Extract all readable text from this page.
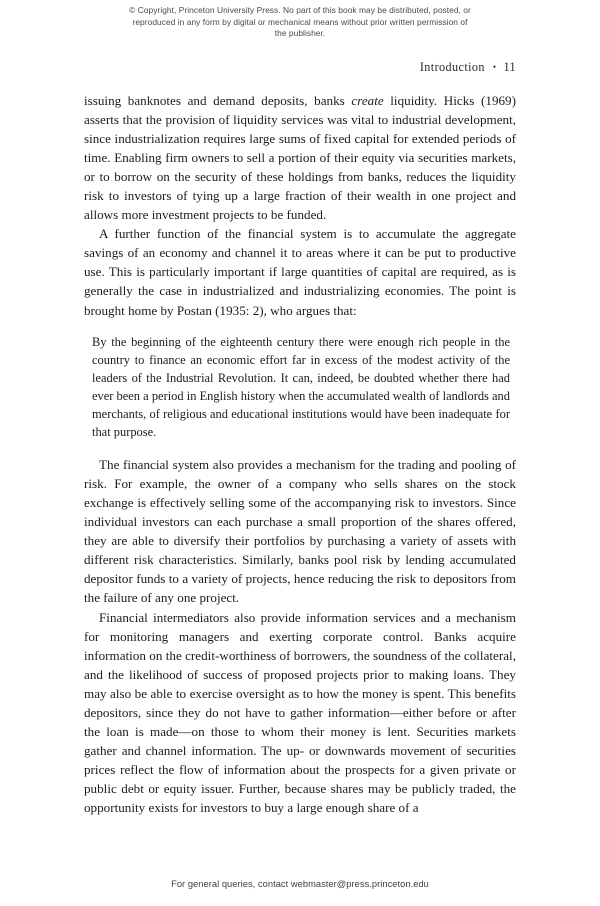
© Copyright, Princeton University Press. No part of this book may be distributed, posted, or reproduced in any form by digital or mechanical means without prior written permission of the publisher.
Introduction • 11

issuing banknotes and demand deposits, banks create liquidity. Hicks (1969) asserts that the provision of liquidity services was vital to industrial development, since industrialization requires large sums of fixed capital for extended periods of time. Enabling firm owners to sell a portion of their equity via securities markets, or to borrow on the security of these holdings from banks, reduces the liquidity risk to investors of tying up a large fraction of their wealth in one project and allows more investment projects to be funded.

A further function of the financial system is to accumulate the aggregate savings of an economy and channel it to areas where it can be put to productive use. This is particularly important if large quantities of capital are required, as is generally the case in industrialized and industrializing economies. The point is brought home by Postan (1935: 2), who argues that:

By the beginning of the eighteenth century there were enough rich people in the country to finance an economic effort far in excess of the modest activity of the leaders of the Industrial Revolution. It can, indeed, be doubted whether there had ever been a period in English history when the accumulated wealth of landlords and merchants, of religious and educational institutions would have been inadequate for that purpose.

The financial system also provides a mechanism for the trading and pooling of risk. For example, the owner of a company who sells shares on the stock exchange is effectively selling some of the accompanying risk to investors. Since individual investors can each purchase a small proportion of the shares offered, they are able to diversify their portfolios by purchasing a variety of assets with different risk characteristics. Similarly, banks pool risk by lending accumulated depositor funds to a variety of projects, hence reducing the risk to depositors from the failure of any one project.

Financial intermediators also provide information services and a mechanism for monitoring managers and exerting corporate control. Banks acquire information on the credit-worthiness of borrowers, the soundness of the collateral, and the likelihood of success of proposed projects prior to making loans. They may also be able to exercise oversight as to how the money is spent. This benefits depositors, since they do not have to gather information—either before or after the loan is made—on those to whom their money is lent. Securities markets gather and channel information. The up- or downwards movement of securities prices reflect the flow of information about the prospects for a given private or public debt or equity issuer. Further, because shares may be publicly traded, the opportunity exists for investors to buy a large enough share of a

For general queries, contact webmaster@press.princeton.edu
